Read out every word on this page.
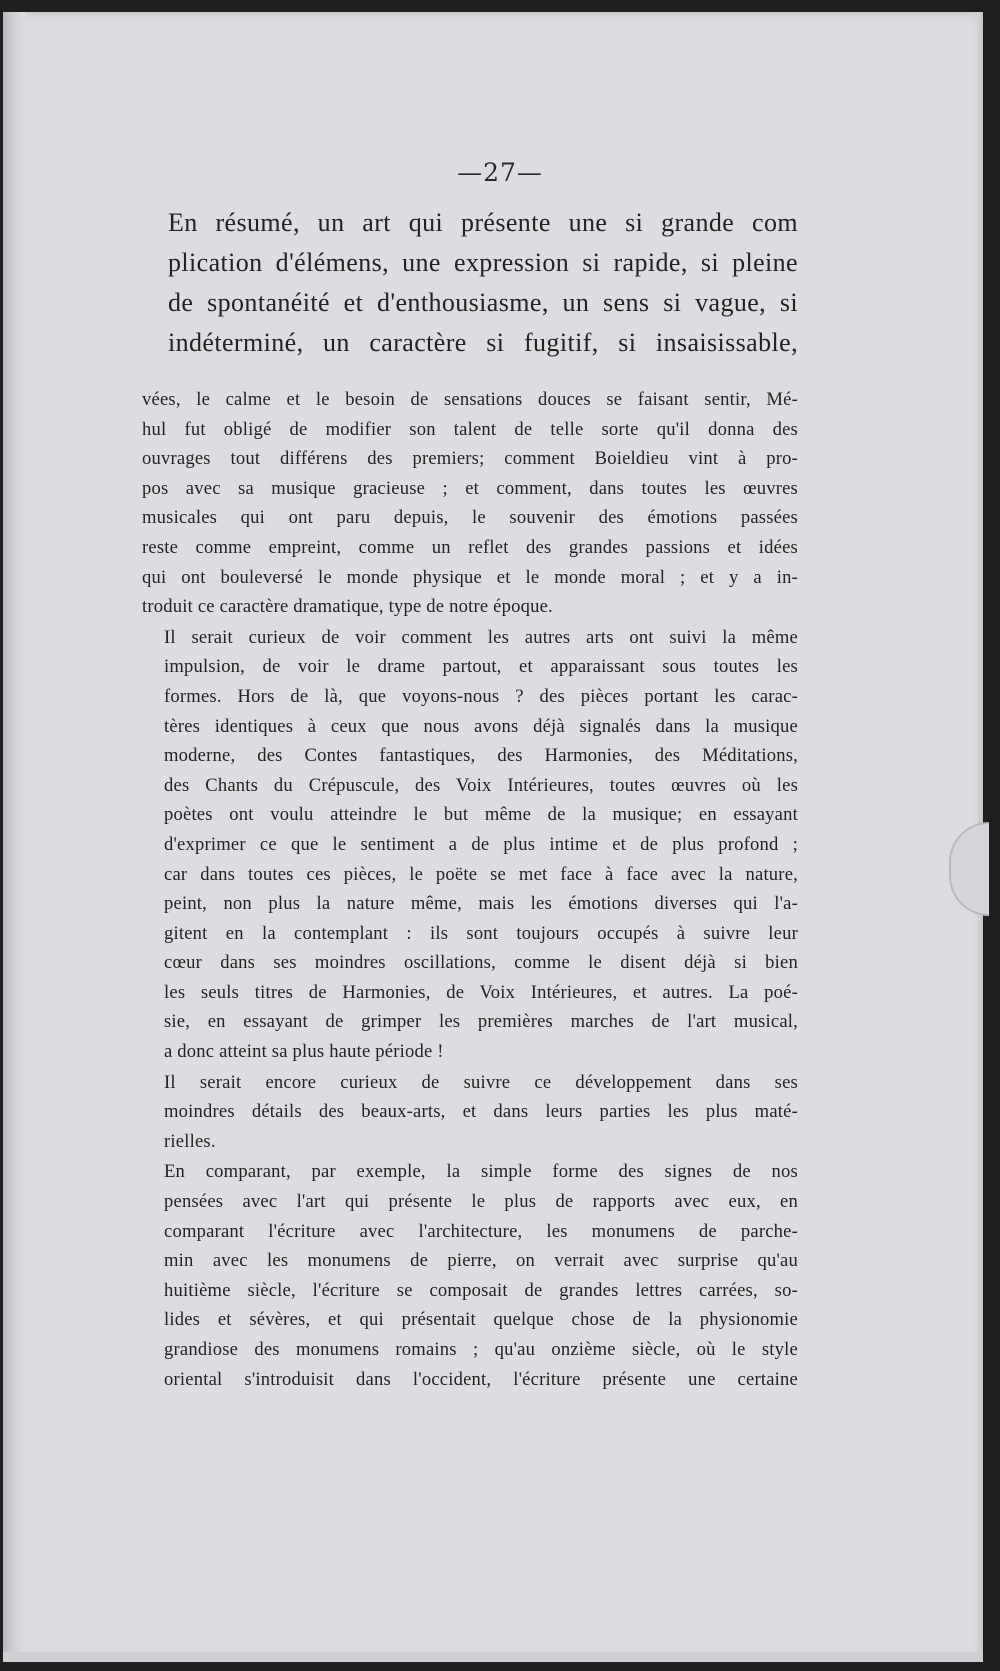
—27—

En résumé, un art qui présente une si grande com
plication d'élémens, une expression si rapide, si pleine
de spontanéité et d'enthousiasme, un sens si vague, si
indéterminé, un caractère si fugitif, si insaisissable,

vées, le calme et le besoin de sensations douces se faisant sentir, Mé-
hul fut obligé de modifier son talent de telle sorte qu'il donna des
ouvrages tout différens des premiers; comment Boieldieu vint à pro-
pos avec sa musique gracieuse ; et comment, dans toutes les œuvres
musicales qui ont paru depuis, le souvenir des émotions passées
reste comme empreint, comme un reflet des grandes passions et idées
qui ont bouleversé le monde physique et le monde moral ; et y a in-
troduit ce caractère dramatique, type de notre époque.

Il serait curieux de voir comment les autres arts ont suivi la même
impulsion, de voir le drame partout, et apparaissant sous toutes les
formes. Hors de là, que voyons-nous ? des pièces portant les carac-
tères identiques à ceux que nous avons déjà signalés dans la musique
moderne, des Contes fantastiques, des Harmonies, des Méditations,
des Chants du Crépuscule, des Voix Intérieures, toutes œuvres où les
poètes ont voulu atteindre le but même de la musique; en essayant
d'exprimer ce que le sentiment a de plus intime et de plus profond ;
car dans toutes ces pièces, le poëte se met face à face avec la nature,
peint, non plus la nature même, mais les émotions diverses qui l'a-
gitent en la contemplant : ils sont toujours occupés à suivre leur
cœur dans ses moindres oscillations, comme le disent déjà si bien
les seuls titres de Harmonies, de Voix Intérieures, et autres. La poé-
sie, en essayant de grimper les premières marches de l'art musical,
a donc atteint sa plus haute période !

Il serait encore curieux de suivre ce développement dans ses
moindres détails des beaux-arts, et dans leurs parties les plus maté-
rielles.

En comparant, par exemple, la simple forme des signes de nos
pensées avec l'art qui présente le plus de rapports avec eux, en
comparant l'écriture avec l'architecture, les monumens de parche-
min avec les monumens de pierre, on verrait avec surprise qu'au
huitième siècle, l'écriture se composait de grandes lettres carrées, so-
lides et sévères, et qui présentait quelque chose de la physionomie
grandiose des monumens romains ; qu'au onzième siècle, où le style
oriental s'introduisit dans l'occident, l'écriture présente une certaine
